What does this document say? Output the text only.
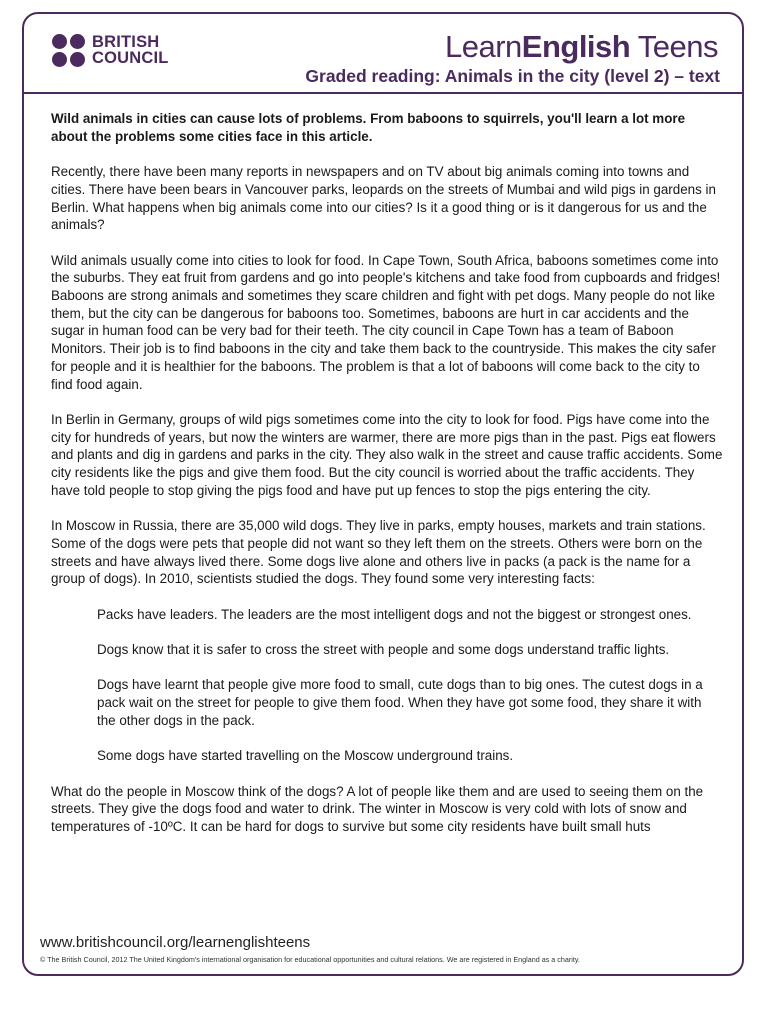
BRITISH
COUNCIL	LearnEnglish Teens
Graded reading: Animals in the city (level 2) – text

Wild animals in cities can cause lots of problems. From baboons to squirrels, you'll learn a lot more about the problems some cities face in this article.

Recently, there have been many reports in newspapers and on TV about big animals coming into towns and cities. There have been bears in Vancouver parks, leopards on the streets of Mumbai and wild pigs in gardens in Berlin. What happens when big animals come into our cities? Is it a good thing or is it dangerous for us and the animals?

Wild animals usually come into cities to look for food. In Cape Town, South Africa, baboons sometimes come into the suburbs. They eat fruit from gardens and go into people's kitchens and take food from cupboards and fridges! Baboons are strong animals and sometimes they scare children and fight with pet dogs. Many people do not like them, but the city can be dangerous for baboons too. Sometimes, baboons are hurt in car accidents and the sugar in human food can be very bad for their teeth. The city council in Cape Town has a team of Baboon Monitors. Their job is to find baboons in the city and take them back to the countryside. This makes the city safer for people and it is healthier for the baboons. The problem is that a lot of baboons will come back to the city to find food again.

In Berlin in Germany, groups of wild pigs sometimes come into the city to look for food. Pigs have come into the city for hundreds of years, but now the winters are warmer, there are more pigs than in the past. Pigs eat flowers and plants and dig in gardens and parks in the city. They also walk in the street and cause traffic accidents. Some city residents like the pigs and give them food. But the city council is worried about the traffic accidents. They have told people to stop giving the pigs food and have put up fences to stop the pigs entering the city.

In Moscow in Russia, there are 35,000 wild dogs. They live in parks, empty houses, markets and train stations. Some of the dogs were pets that people did not want so they left them on the streets. Others were born on the streets and have always lived there. Some dogs live alone and others live in packs (a pack is the name for a group of dogs). In 2010, scientists studied the dogs. They found some very interesting facts:

Packs have leaders. The leaders are the most intelligent dogs and not the biggest or strongest ones.

Dogs know that it is safer to cross the street with people and some dogs understand traffic lights.

Dogs have learnt that people give more food to small, cute dogs than to big ones. The cutest dogs in a pack wait on the street for people to give them food. When they have got some food, they share it with the other dogs in the pack.

Some dogs have started travelling on the Moscow underground trains.

What do the people in Moscow think of the dogs? A lot of people like them and are used to seeing them on the streets. They give the dogs food and water to drink. The winter in Moscow is very cold with lots of snow and temperatures of -10ºC. It can be hard for dogs to survive but some city residents have built small huts

www.britishcouncil.org/learnenglishteens
© The British Council, 2012 The United Kingdom's international organisation for educational opportunities and cultural relations. We are registered in England as a charity.
